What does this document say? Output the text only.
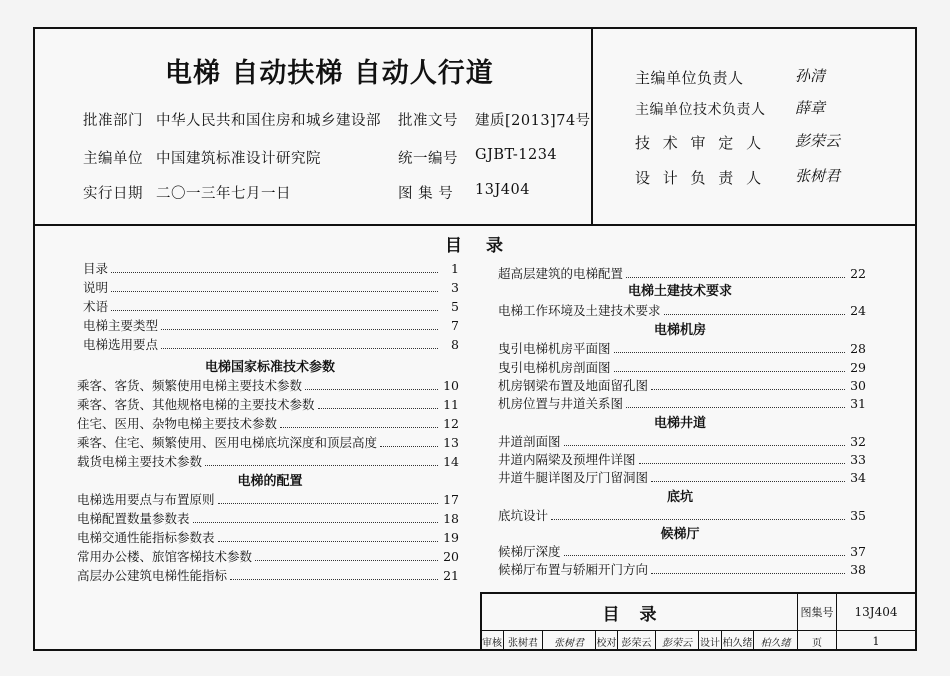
电梯 自动扶梯 自动人行道
批准部门 中华人民共和国住房和城乡建设部 批准文号 建质[2013]74号
主编单位 中国建筑标准设计研究院	统一编号 GJBT-1234
实行日期 二〇一三年七月一日	图 集 号 13J404
主编单位负责人	孙清
主编单位技术负责人 薛章
技 术 审 定 人 彭荣云
设 计 负 责 人 张树君
目录
目录	1
说明	3
术语	5
电梯主要类型	7
电梯选用要点	8
电梯国家标准技术参数
乘客、客货、频繁使用电梯主要技术参数	10
乘客、客货、其他规格电梯的主要技术参数	11
住宅、医用、杂物电梯主要技术参数	12
乘客、住宅、频繁使用、医用电梯底坑深度和顶层高度	13
载货电梯主要技术参数	14
电梯的配置
电梯选用要点与布置原则	17
电梯配置数量参数表	18
电梯交通性能指标参数表	19
常用办公楼、旅馆客梯技术参数	20
高层办公建筑电梯性能指标	21
超高层建筑的电梯配置	22
电梯土建技术要求
电梯工作环境及土建技术要求	24
电梯机房
曳引电梯机房平面图	28
曳引电梯机房剖面图	29
机房钢梁布置及地面留孔图	30
机房位置与井道关系图	31
电梯井道
井道剖面图	32
井道内隔梁及预埋件详图	33
井道牛腿详图及厅门留洞图	34
底坑
底坑设计	35
候梯厅
候梯厅深度	37
候梯厅布置与轿厢开门方向	38
目录	图集号	13J404
审核 张树君	张树君	校对 彭荣云	彭荣云 设计 柏久绪 柏久绪	页	1
